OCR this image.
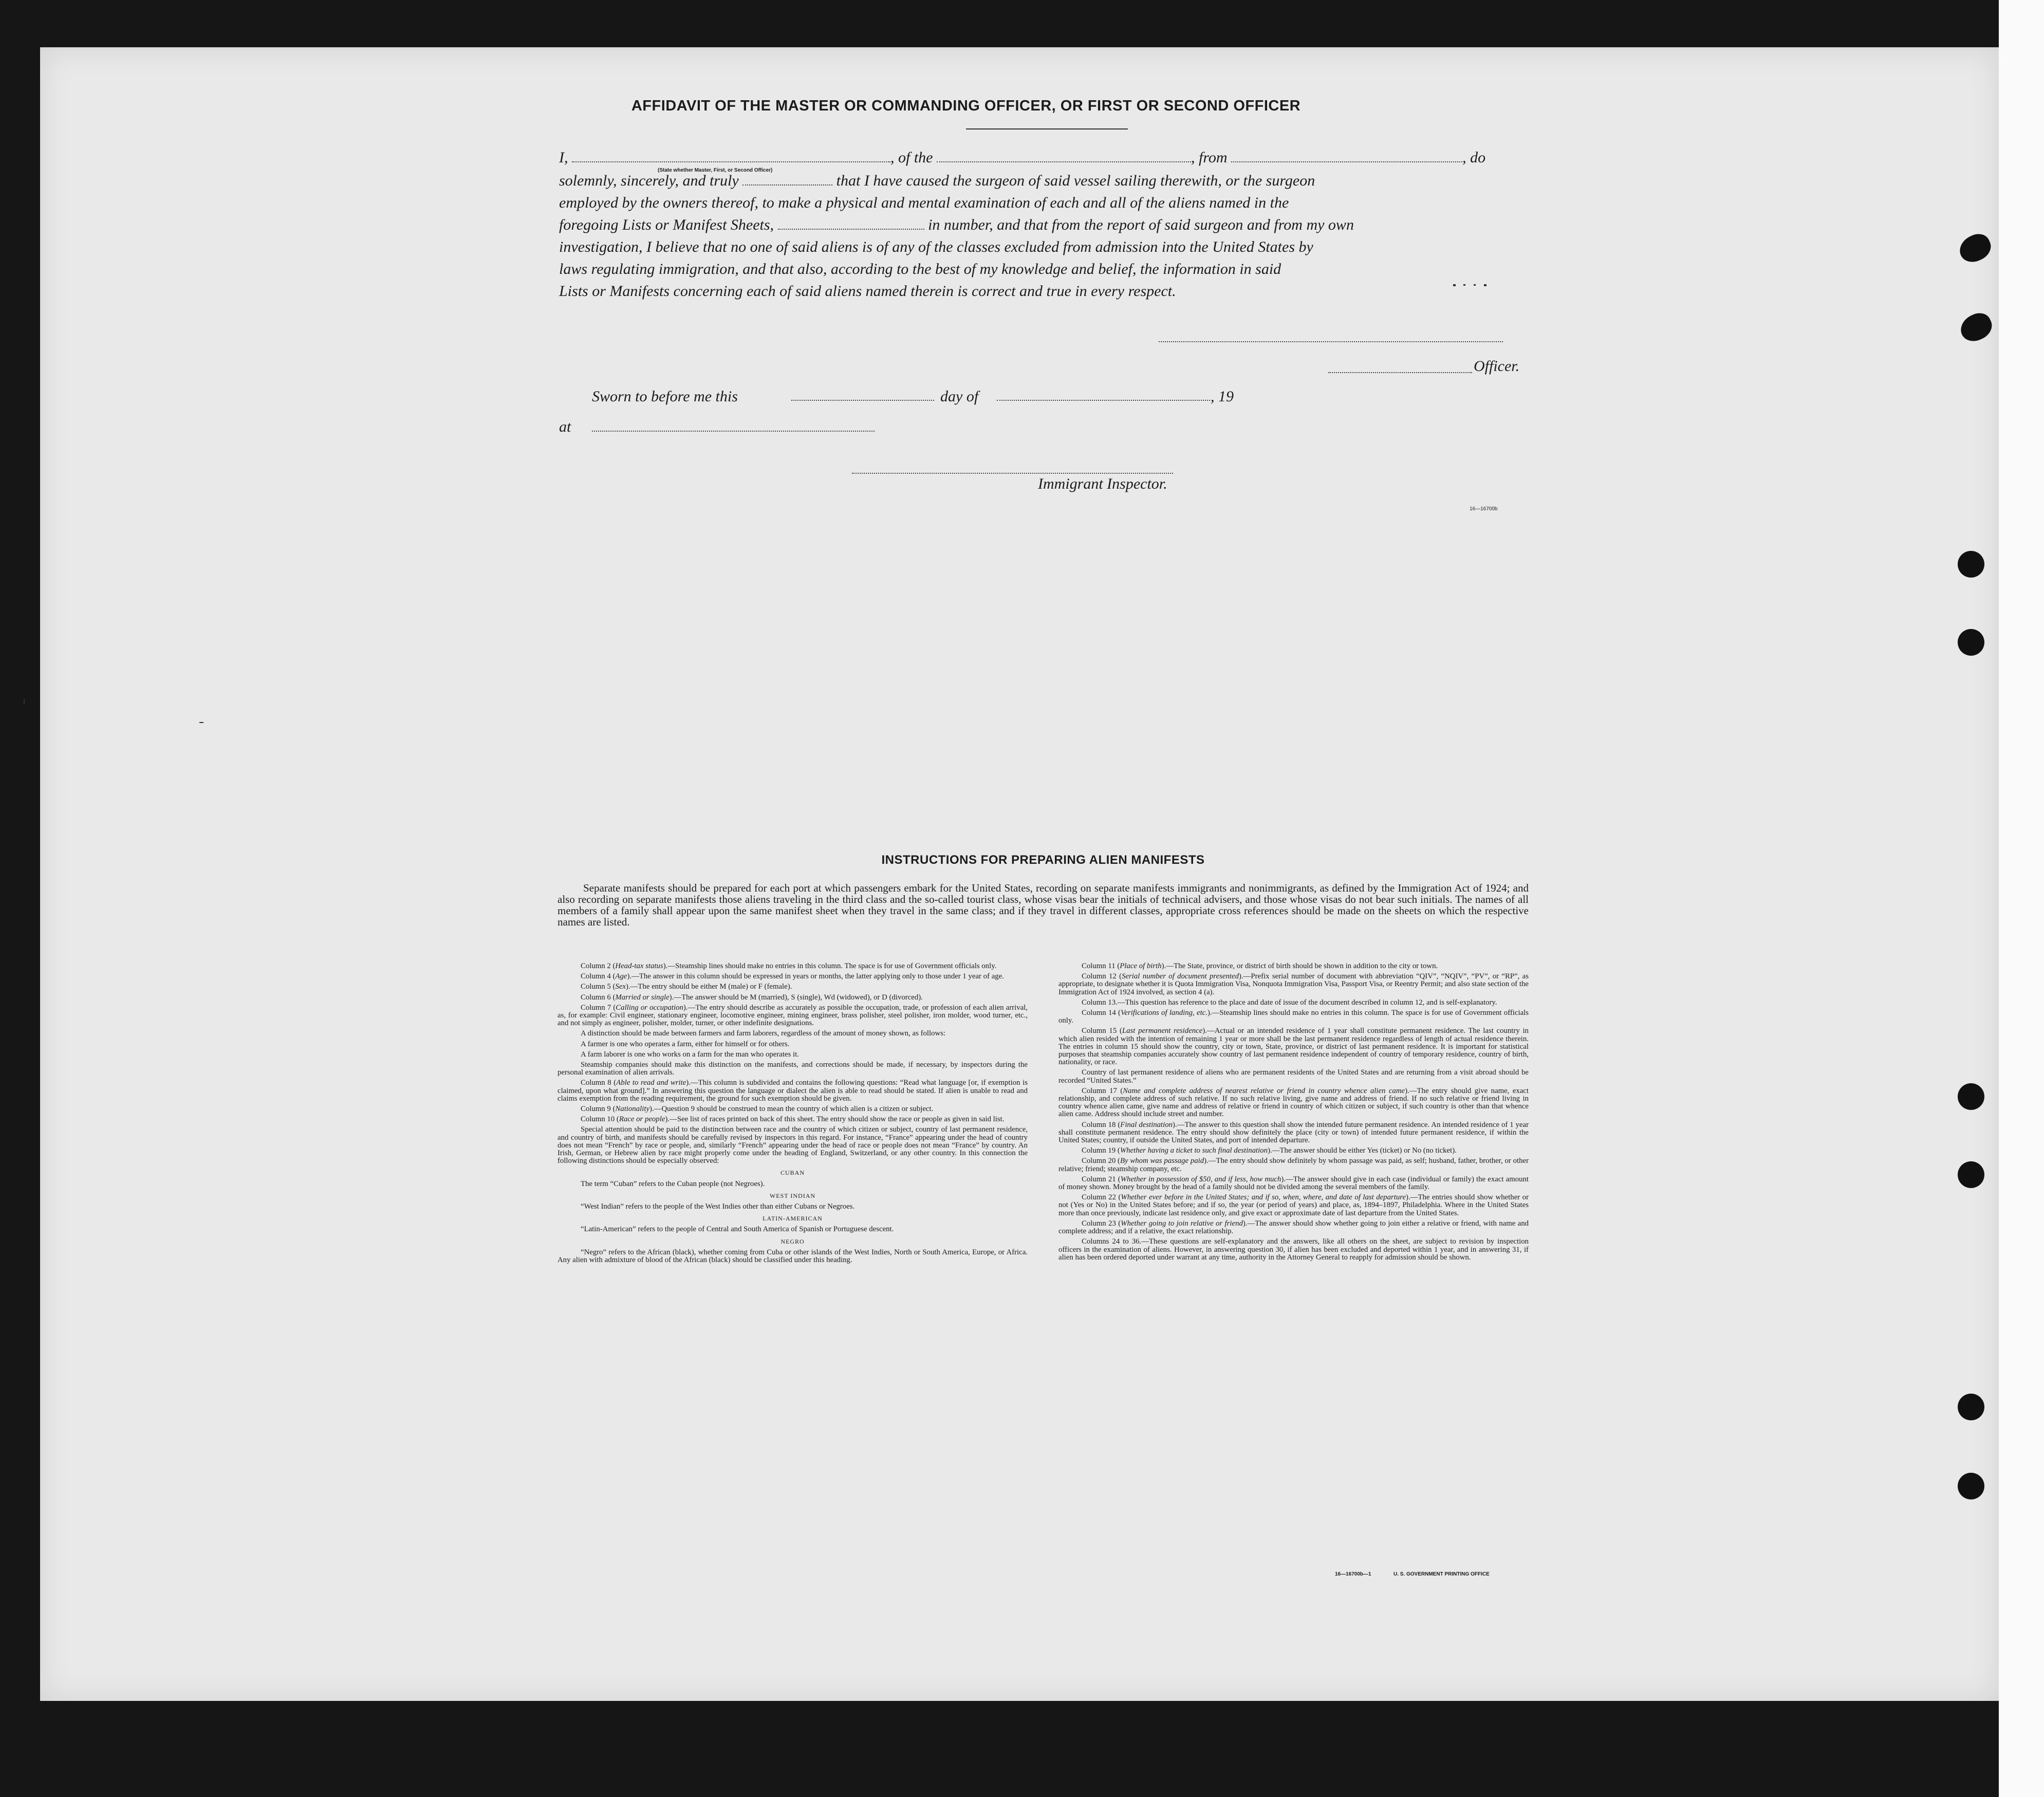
AFFIDAVIT OF THE MASTER OR COMMANDING OFFICER, OR FIRST OR SECOND OFFICER
I,	, of the	, from	, do
(State whether Master, First, or Second Officer)
solemnly, sincerely, and truly	that I have caused the surgeon of said vessel sailing therewith, or the surgeon
employed by the owners thereof, to make a physical and mental examination of each and all of the aliens named in the
foregoing Lists or Manifest Sheets,	in number, and that from the report of said surgeon and from my own
investigation, I believe that no one of said aliens is of any of the classes excluded from admission into the United States by
laws regulating immigration, and that also, according to the best of my knowledge and belief, the information in said
Lists or Manifests concerning each of said aliens named therein is correct and true in every respect.
Officer.
Sworn to before me this	day of	, 19
at
Immigrant Inspector.
16—16700b
INSTRUCTIONS FOR PREPARING ALIEN MANIFESTS
Separate manifests should be prepared for each port at which passengers embark for the United States, recording on separate manifests immigrants and nonimmigrants, as defined by the Immigration Act of 1924; and also recording on separate manifests those aliens traveling in the third class and the so-called tourist class, whose visas bear the initials of technical advisers, and those whose visas do not bear such initials. The names of all members of a family shall appear upon the same manifest sheet when they travel in the same class; and if they travel in different classes, appropriate cross references should be made on the sheets on which the respective names are listed.

Column 2 (Head-tax status).—Steamship lines should make no entries in this column. The space is for use of Government officials only.

Column 4 (Age).—The answer in this column should be expressed in years or months, the latter applying only to those under 1 year of age.

Column 5 (Sex).—The entry should be either M (male) or F (female).

Column 6 (Married or single).—The answer should be M (married), S (single), Wd (widowed), or D (divorced).

Column 7 (Calling or occupation).—The entry should describe as accurately as possible the occupation, trade, or profession of each alien arrival, as, for example: Civil engineer, stationary engineer, locomotive engineer, mining engineer, brass polisher, steel polisher, iron molder, wood turner, etc., and not simply as engineer, polisher, molder, turner, or other indefinite designations.

A distinction should be made between farmers and farm laborers, regardless of the amount of money shown, as follows:

A farmer is one who operates a farm, either for himself or for others.

A farm laborer is one who works on a farm for the man who operates it.

Steamship companies should make this distinction on the manifests, and corrections should be made, if necessary, by inspectors during the personal examination of alien arrivals.

Column 8 (Able to read and write).—This column is subdivided and contains the following questions: “Read what language [or, if exemption is claimed, upon what ground].” In answering this question the language or dialect the alien is able to read should be stated. If alien is unable to read and claims exemption from the reading requirement, the ground for such exemption should be given.

Column 9 (Nationality).—Question 9 should be construed to mean the country of which alien is a citizen or subject.

Column 10 (Race or people).—See list of races printed on back of this sheet. The entry should show the race or people as given in said list.

Special attention should be paid to the distinction between race and the country of which citizen or subject, country of last permanent residence, and country of birth, and manifests should be carefully revised by inspectors in this regard. For instance, “France” appearing under the head of country does not mean “French” by race or people, and, similarly “French” appearing under the head of race or people does not mean “France” by country. An Irish, German, or Hebrew alien by race might properly come under the heading of England, Switzerland, or any other country. In this connection the following distinctions should be especially observed:

CUBAN

The term “Cuban” refers to the Cuban people (not Negroes).

WEST INDIAN

“West Indian” refers to the people of the West Indies other than either Cubans or Negroes.

LATIN-AMERICAN

“Latin-American” refers to the people of Central and South America of Spanish or Portuguese descent.

NEGRO

“Negro” refers to the African (black), whether coming from Cuba or other islands of the West Indies, North or South America, Europe, or Africa. Any alien with admixture of blood of the African (black) should be classified under this heading.

Column 11 (Place of birth).—The State, province, or district of birth should be shown in addition to the city or town.

Column 12 (Serial number of document presented).—Prefix serial number of document with abbreviation “QIV”, “NQIV”, “PV”, or “RP”, as appropriate, to designate whether it is Quota Immigration Visa, Nonquota Immigration Visa, Passport Visa, or Reentry Permit; and also state section of the Immigration Act of 1924 involved, as section 4 (a).

Column 13.—This question has reference to the place and date of issue of the document described in column 12, and is self-explanatory.

Column 14 (Verifications of landing, etc.).—Steamship lines should make no entries in this column. The space is for use of Government officials only.

Column 15 (Last permanent residence).—Actual or an intended residence of 1 year shall constitute permanent residence. The last country in which alien resided with the intention of remaining 1 year or more shall be the last permanent residence regardless of length of actual residence therein. The entries in column 15 should show the country, city or town, State, province, or district of last permanent residence. It is important for statistical purposes that steamship companies accurately show country of last permanent residence independent of country of temporary residence, country of birth, nationality, or race.

Country of last permanent residence of aliens who are permanent residents of the United States and are returning from a visit abroad should be recorded “United States.”

Column 17 (Name and complete address of nearest relative or friend in country whence alien came).—The entry should give name, exact relationship, and complete address of such relative. If no such relative living, give name and address of friend. If no such relative or friend living in country whence alien came, give name and address of relative or friend in country of which citizen or subject, if such country is other than that whence alien came. Address should include street and number.

Column 18 (Final destination).—The answer to this question shall show the intended future permanent residence. An intended residence of 1 year shall constitute permanent residence. The entry should show definitely the place (city or town) of intended future permanent residence, if within the United States; country, if outside the United States, and port of intended departure.

Column 19 (Whether having a ticket to such final destination).—The answer should be either Yes (ticket) or No (no ticket).

Column 20 (By whom was passage paid).—The entry should show definitely by whom passage was paid, as self; husband, father, brother, or other relative; friend; steamship company, etc.

Column 21 (Whether in possession of $50, and if less, how much).—The answer should give in each case (individual or family) the exact amount of money shown. Money brought by the head of a family should not be divided among the several members of the family.

Column 22 (Whether ever before in the United States; and if so, when, where, and date of last departure).—The entries should show whether or not (Yes or No) in the United States before; and if so, the year (or period of years) and place, as, 1894–1897, Philadelphia. Where in the United States more than once previously, indicate last residence only, and give exact or approximate date of last departure from the United States.

Column 23 (Whether going to join relative or friend).—The answer should show whether going to join either a relative or friend, with name and complete address; and if a relative, the exact relationship.

Columns 24 to 36.—These questions are self-explanatory and the answers, like all others on the sheet, are subject to revision by inspection officers in the examination of aliens. However, in answering question 30, if alien has been excluded and deported within 1 year, and in answering 31, if alien has been ordered deported under warrant at any time, authority in the Attorney General to reapply for admission should be shown.

16—16700b—1	U. S. GOVERNMENT PRINTING OFFICE
